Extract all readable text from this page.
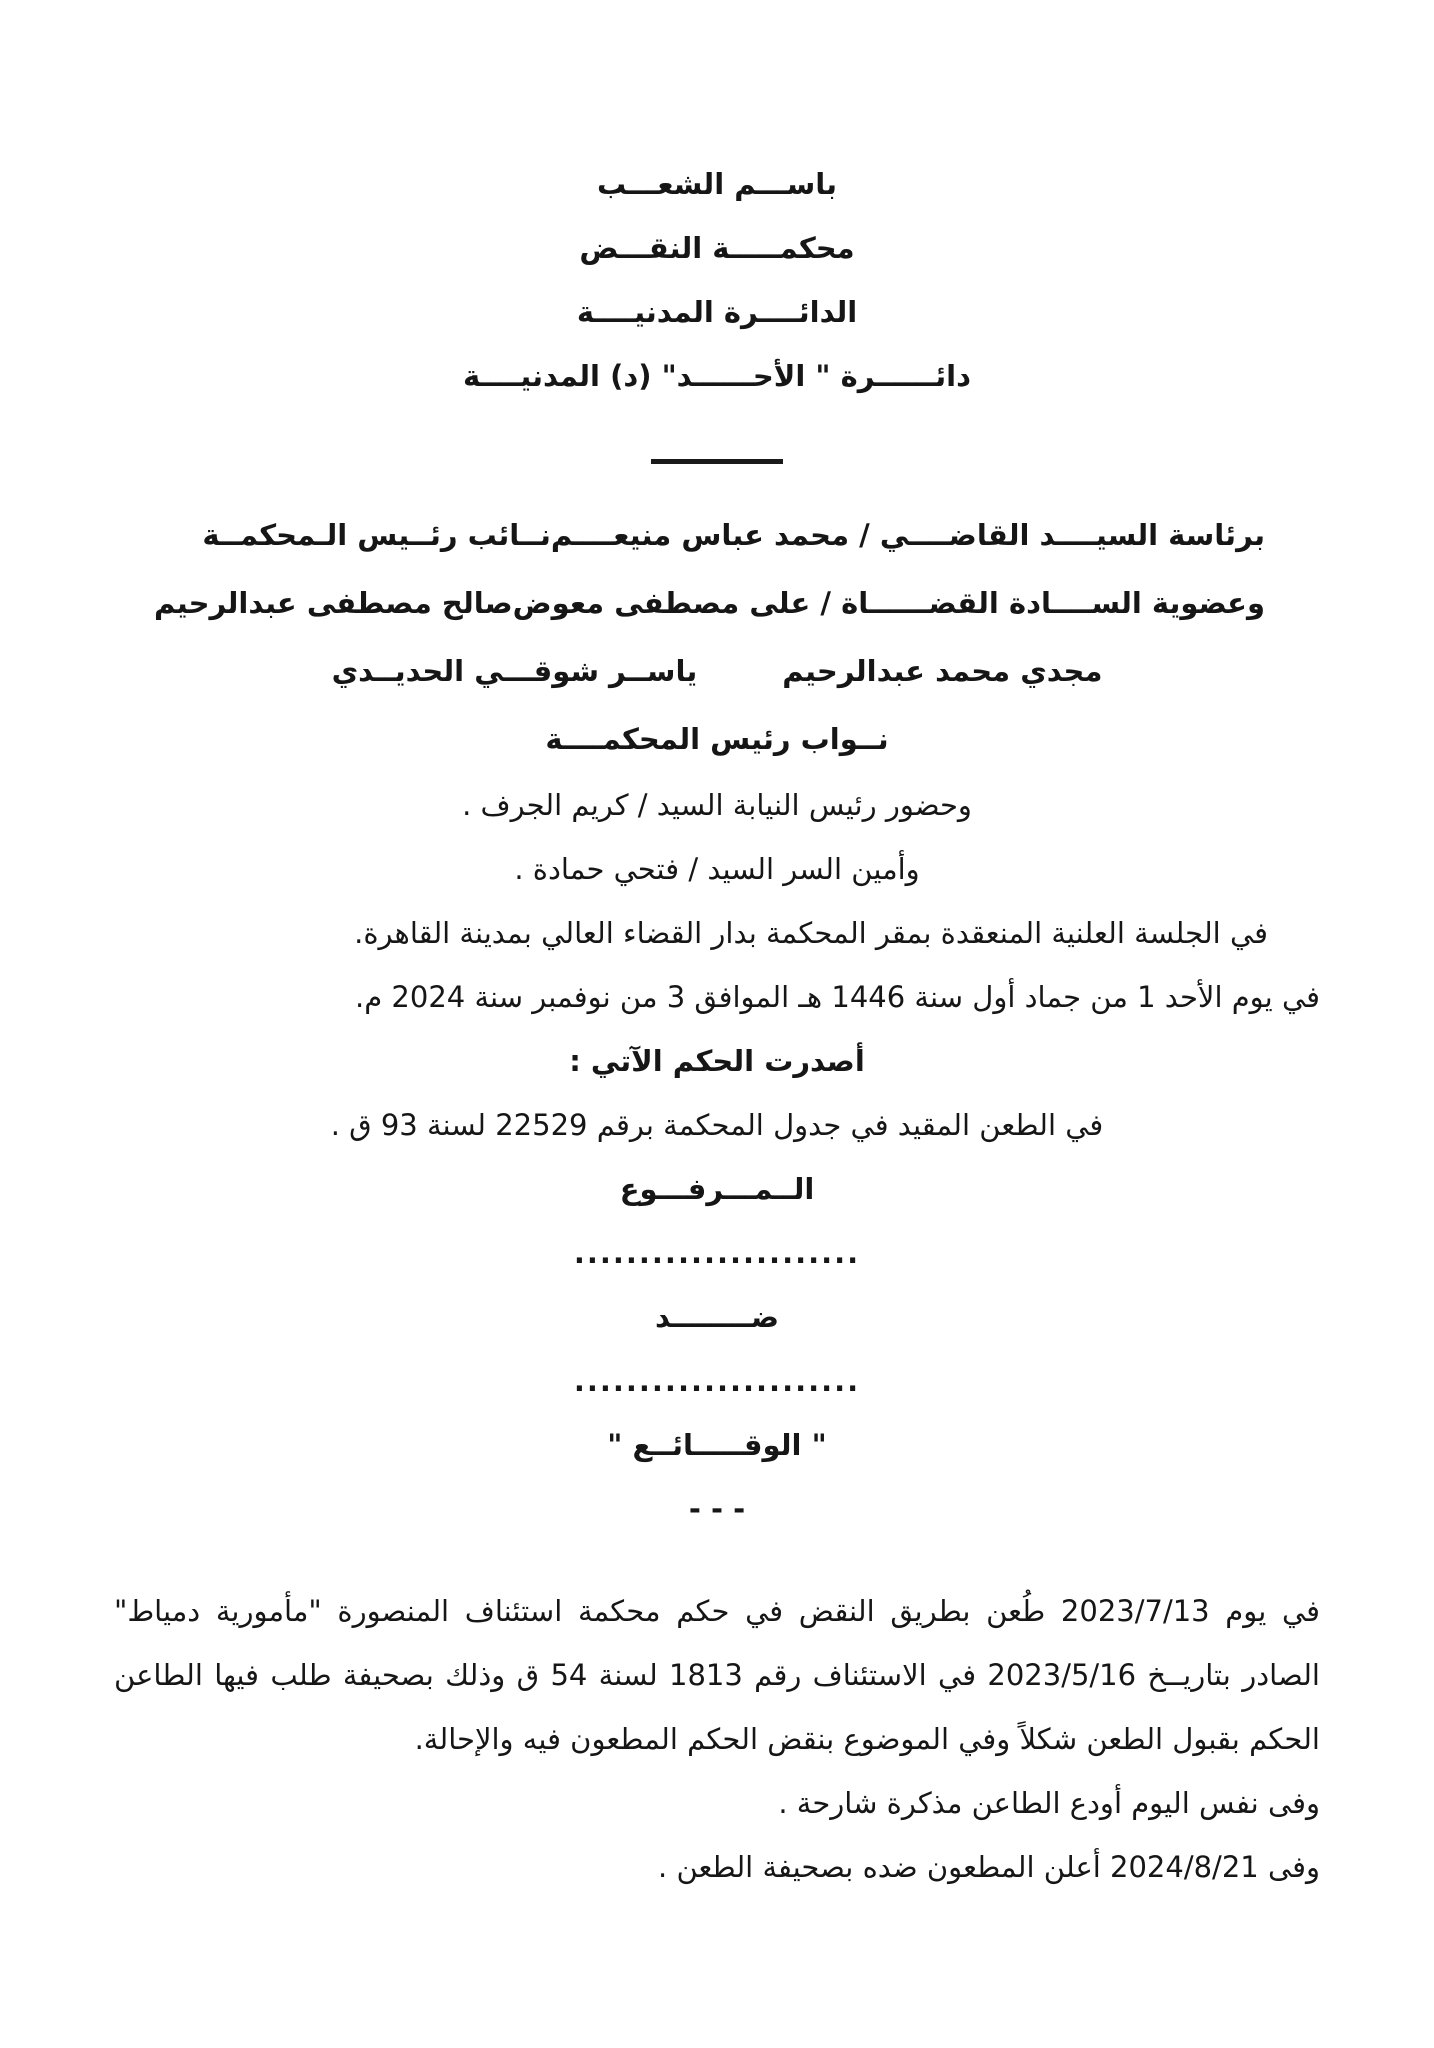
باســـم الشعـــب
محكمـــــة النقـــض
الدائــــرة المدنيــــة
دائــــــرة " الأحــــــد" (د) المدنيــــة
برئاسة السيــــد القاضــــي / محمد عباس منيعــــم
نــائب رئــيس الـمحكمــة
وعضوية الســــادة القضــــــاة / على مصطفى معوض
صالح مصطفى عبدالرحيم
مجدي محمد عبدالرحيم
ياســر شوقـــي الحديــدي
نــواب رئيس المحكمــــة
وحضور رئيس النيابة السيد / كريم الجرف .
وأمين السر السيد / فتحي حمادة .
في الجلسة العلنية المنعقدة بمقر المحكمة بدار القضاء العالي بمدينة القاهرة.
في يوم الأحد 1 من جماد أول سنة 1446 هـ الموافق 3 من نوفمبر سنة 2024 م.
أصدرت الحكم الآتي :
في الطعن المقيد في جدول المحكمة برقم 22529 لسنة 93 ق .
الــمـــرفـــوع
......................
ضــــــــد
......................
" الوقـــــائــع "
- - -

في يوم 2023/7/13 طُعن بطريق النقض في حكم محكمة استئناف المنصورة "مأمورية دمياط" الصادر بتاريــخ 2023/5/16 في الاستئناف رقم 1813 لسنة 54 ق وذلك بصحيفة طلب فيها الطاعن الحكم بقبول الطعن شكلاً وفي الموضوع بنقض الحكم المطعون فيه والإحالة.

وفى نفس اليوم أودع الطاعن مذكرة شارحة .
وفى 2024/8/21 أعلن المطعون ضده بصحيفة الطعن .
